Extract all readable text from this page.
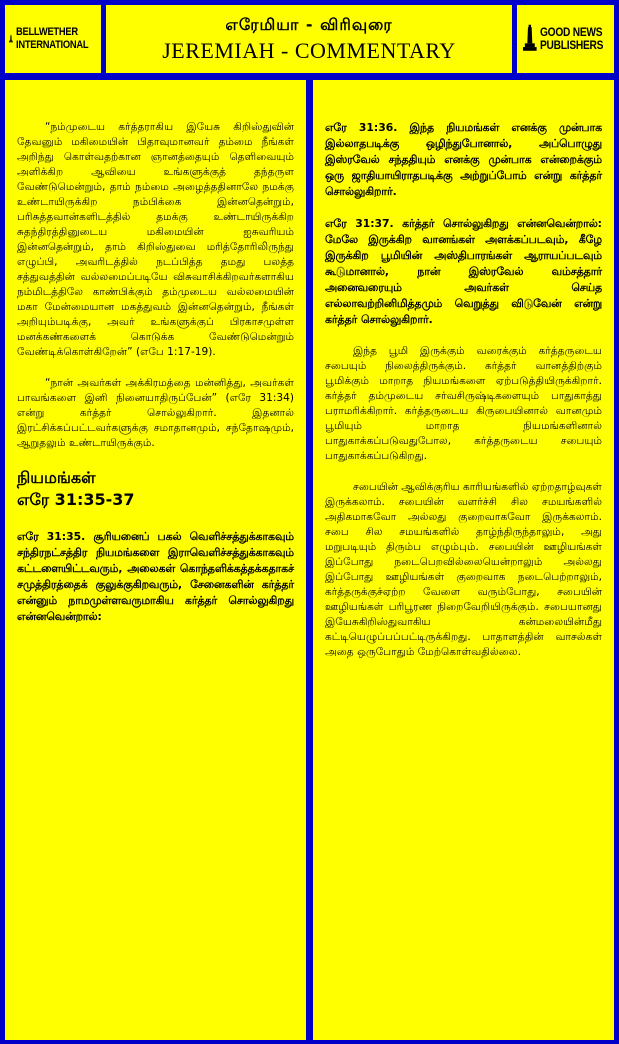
BELLWETHER
INTERNATIONAL
எரேமியா - விரிவுரை
JEREMIAH - COMMENTARY
GOOD NEWS
PUBLISHERS

“நம்முடைய கர்த்தராகிய இயேசு கிறிஸ்துவின் தேவனும் மகிமையின் பிதாவுமானவர் தம்மை நீங்கள் அறிந்து கொள்வதற்கான ஞானத்தையும் தெளிவையும் அளிக்கிற ஆவியை உங்களுக்குத் தந்தருள வேண்டுமென்றும், தாம் நம்மை அழைத்ததினாலே நமக்கு உண்டாயிருக்கிற நம்பிக்கை இன்னதென்றும், பரிசுத்தவான்களிடத்தில் தமக்கு உண்டாயிருக்கிற சுதந்திரத்தினுடைய மகிமையின் ஐசுவரியம் இன்னதென்றும், தாம் கிறிஸ்துவை மரித்தோரிலிருந்து எழுப்பி, அவரிடத்தில் நடப்பித்த தமது பலத்த சத்துவத்தின் வல்லமைப்படியே விசுவாசிக்கிறவர்களாகிய நம்மிடத்திலே காண்பிக்கும் தம்முடைய வல்லமையின் மகா மேன்மையான மகத்துவம் இன்னதென்றும், நீங்கள் அறியும்படிக்கு, அவர் உங்களுக்குப் பிரகாசமுள்ள மனக்கண்களைக் கொடுக்க வேண்டுமென்றும் வேண்டிக்கொள்கிறேன்” (எபே 1:17-19).

“நான் அவர்கள் அக்கிரமத்தை மன்னித்து, அவர்கள் பாவங்களை இனி நினையாதிருப்பேன்” (எரே 31:34) என்று கர்த்தர் சொல்லுகிறார். இதனால் இரட்சிக்கப்பட்டவர்களுக்கு சமாதானமும், சந்தோஷமும், ஆறுதலும் உண்டாயிருக்கும்.

நியமங்கள்
எரே 31:35-37

எரே 31:35. சூரியனைப் பகல் வெளிச்சத்துக்காகவும் சந்திரநட்சத்திர நியமங்களை இராவெளிச்சத்துக்காகவும் கட்டளையிட்டவரும், அலைகள் கொந்தளிக்கத்தக்கதாகச் சமுத்திரத்தைக் குலுக்குகிறவரும், சேனைகளின் கர்த்தர் என்னும் நாமமுள்ளவருமாகிய கர்த்தர் சொல்லுகிறது என்னவென்றால்:

எரே 31:36. இந்த நியமங்கள் எனக்கு முன்பாக இல்லாதபடிக்கு ஒழிந்துபோனால், அப்பொழுது இஸ்ரவேல் சந்ததியும் எனக்கு முன்பாக என்றைக்கும் ஒரு ஜாதியாயிராதபடிக்கு அற்றுப்போம் என்று கர்த்தர் சொல்லுகிறார்.

எரே 31:37. கர்த்தர் சொல்லுகிறது என்னவென்றால்: மேலே இருக்கிற வானங்கள் அளக்கப்படவும், கீழே இருக்கிற பூமியின் அஸ்திபாரங்கள் ஆராயப்படவும் கூடுமானால், நான் இஸ்ரவேல் வம்சத்தார் அனைவரையும் அவர்கள் செய்த எல்லாவற்றினிமித்தமும் வெறுத்து விடுவேன் என்று கர்த்தர் சொல்லுகிறார்.

இந்த பூமி இருக்கும் வரைக்கும் கர்த்தருடைய சபையும் நிலைத்திருக்கும். கர்த்தர் வானத்திற்கும் பூமிக்கும் மாறாத நியமங்களை ஏற்படுத்தியிருக்கிறார். கர்த்தர் தம்முடைய சர்வசிருஷ்டிகளையும் பாதுகாத்து பராமரிக்கிறார். கர்த்தருடைய கிருபையினால் வானமும் பூமியும் மாறாத நியமங்களினால் பாதுகாக்கப்படுவதுபோல, கர்த்தருடைய சபையும் பாதுகாக்கப்படுகிறது.

சபையின் ஆவிக்குரிய காரியங்களில் ஏற்றதாழ்வுகள் இருக்கலாம். சபையின் வளர்ச்சி சில சமயங்களில் அதிகமாகவோ அல்லது குறைவாகவோ இருக்கலாம். சபை சில சமயங்களில் தாழ்ந்திருந்தாலும், அது மறுபடியும் திரும்ப எழும்பும். சபையின் ஊழியங்கள் இப்போது நடைபெறவில்லையென்றாலும் அல்லது இப்போது ஊழியங்கள் குறைவாக நடைபெற்றாலும், கர்த்தருக்குச்ஏற்ற வேளை வரும்போது, சபையின் ஊழியங்கள் பரிபூரண நிறைவேறியிருக்கும். சபையானது இயேசுகிறிஸ்துவாகிய கன்மலையின்மீது கட்டியெழுப்பப்பட்டிருக்கிறது. பாதாளத்தின் வாசல்கள் அதை ஒருபோதும் மேற்கொள்வதில்லை.
